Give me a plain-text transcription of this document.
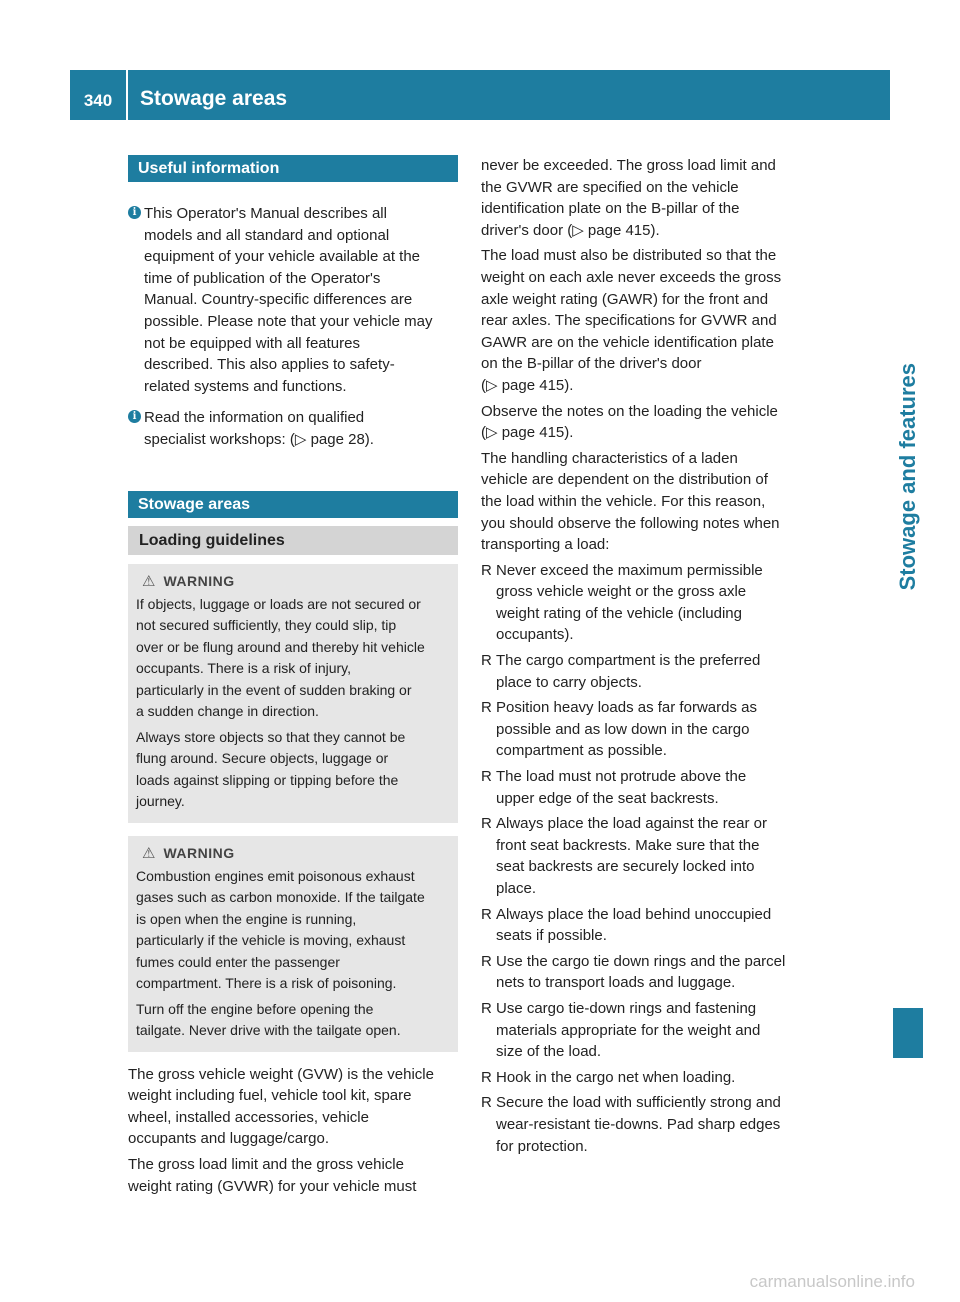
340	Stowage areas
Stowage and features
Useful information
i This Operator's Manual describes all
models and all standard and optional
equipment of your vehicle available at the
time of publication of the Operator's
Manual. Country-specific differences are
possible. Please note that your vehicle may
not be equipped with all features
described. This also applies to safety-
related systems and functions.

i Read the information on qualified
specialist workshops: (▷ page 28).

Stowage areas
Loading guidelines
⚠ WARNING

If objects, luggage or loads are not secured or
not secured sufficiently, they could slip, tip
over or be flung around and thereby hit vehicle
occupants. There is a risk of injury,
particularly in the event of sudden braking or
a sudden change in direction.

Always store objects so that they cannot be
flung around. Secure objects, luggage or
loads against slipping or tipping before the
journey.

⚠ WARNING

Combustion engines emit poisonous exhaust
gases such as carbon monoxide. If the tailgate
is open when the engine is running,
particularly if the vehicle is moving, exhaust
fumes could enter the passenger
compartment. There is a risk of poisoning.

Turn off the engine before opening the
tailgate. Never drive with the tailgate open.

The gross vehicle weight (GVW) is the vehicle
weight including fuel, vehicle tool kit, spare
wheel, installed accessories, vehicle
occupants and luggage/cargo.

The gross load limit and the gross vehicle
weight rating (GVWR) for your vehicle must

never be exceeded. The gross load limit and
the GVWR are specified on the vehicle
identification plate on the B-pillar of the
driver's door (▷ page 415).

The load must also be distributed so that the
weight on each axle never exceeds the gross
axle weight rating (GAWR) for the front and
rear axles. The specifications for GVWR and
GAWR are on the vehicle identification plate
on the B-pillar of the driver's door
(▷ page 415).

Observe the notes on the loading the vehicle
(▷ page 415).

The handling characteristics of a laden
vehicle are dependent on the distribution of
the load within the vehicle. For this reason,
you should observe the following notes when
transporting a load:

R Never exceed the maximum permissible
gross vehicle weight or the gross axle
weight rating of the vehicle (including
occupants).

R The cargo compartment is the preferred
place to carry objects.

R Position heavy loads as far forwards as
possible and as low down in the cargo
compartment as possible.

R The load must not protrude above the
upper edge of the seat backrests.

R Always place the load against the rear or
front seat backrests. Make sure that the
seat backrests are securely locked into
place.

R Always place the load behind unoccupied
seats if possible.

R Use the cargo tie down rings and the parcel
nets to transport loads and luggage.

R Use cargo tie-down rings and fastening
materials appropriate for the weight and
size of the load.

R Hook in the cargo net when loading.

R Secure the load with sufficiently strong and
wear-resistant tie-downs. Pad sharp edges
for protection.

carmanualsonline.info
